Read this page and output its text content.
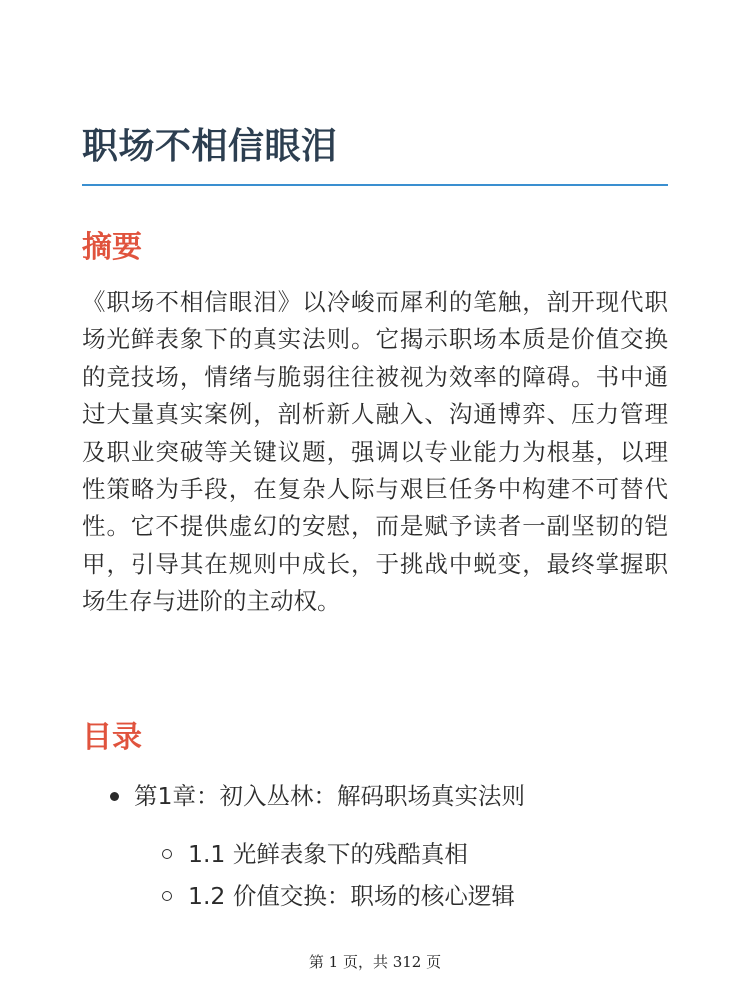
职场不相信眼泪
摘要

《职场不相信眼泪》以冷峻而犀利的笔触，剖开现代职场光鲜表象下的真实法则。它揭示职场本质是价值交换的竞技场，情绪与脆弱往往被视为效率的障碍。书中通过大量真实案例，剖析新人融入、沟通博弈、压力管理及职业突破等关键议题，强调以专业能力为根基，以理性策略为手段，在复杂人际与艰巨任务中构建不可替代性。它不提供虚幻的安慰，而是赋予读者一副坚韧的铠甲，引导其在规则中成长，于挑战中蜕变，最终掌握职场生存与进阶的主动权。

目录
第1章：初入丛林：解码职场真实法则
1.1 光鲜表象下的残酷真相
1.2 价值交换：职场的核心逻辑
第 1 页，共 312 页
